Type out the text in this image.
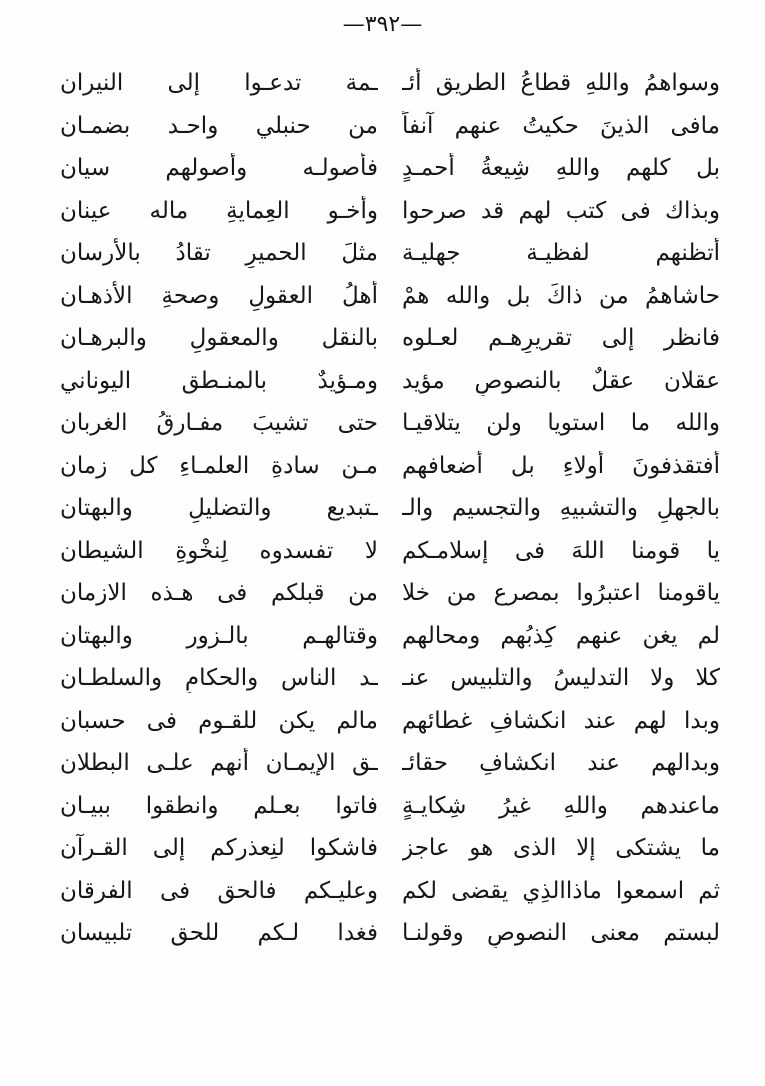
—٣٩٢—
وسواهمُ واللهِ قطاعُ الطريق أئـ
ـمة تدعـوا إلى النيران
مافى الذينَ حكيتُ عنهم آنفاً
من حنبلي واحـد بضمـان
بل كلهم واللهِ شِيعةُ أحمـدٍ
فأصولـه وأصولهم سيان
وبذاك فى كتب لهم قد صرحوا
وأخـو العِمايةِ ماله عينان
أتظنهم لفظيـة جهليـة
مثلَ الحميرِ تقادُ بالأرسان
حاشاهمُ من ذاكَ بل والله همْ
أهلُ العقولِ وصحةِ الأذهـان
فانظر إلى تقريرِهـم لعـلوه
بالنقل والمعقولِ والبرهـان
عقلان عقلٌ بالنصوصِ مؤيد
ومـؤيدٌ بالمنـطق اليوناني
والله ما استويا ولن يتلاقيـا
حتى تشيبَ مفـارقُ الغربان
أفتقذفونَ أولاءِ بل أضعافهم
مـن سادةِ العلمـاءِ كل زمان
بالجهلِ والتشبيهِ والتجسيم والـ
ـتبديع والتضليلِ والبهتان
يا قومنا اللهَ فى إسلامـكم
لا تفسدوه لِنخْوةِ الشيطان
ياقومنا اعتبرُوا بمصرع من خلا
من قبلكم فى هـذه الازمان
لم يغن عنهم كِذبُهم ومحالهم
وقتالهـم بالـزور والبهتان
كلا ولا التدليسُ والتلبيس عنـ
ـد الناس والحكامِ والسلطـان
وبدا لهم عند انكشافِ غطائهم
مالم يكن للقـوم فى حسبان
وبدالهم عند انكشافِ حقائـ
ـق الإيمـان أنهم علـى البطلان
ماعندهم واللهِ غيرُ شِكايـةٍ
فاتوا بعـلم وانطقوا ببيـان
ما يشتكى إلا الذى هو عاجز
فاشكوا لنِعذركم إلى القـرآن
ثم اسمعوا ماذاالذِي يقضى لكم
وعليـكم فالحق فى الفرقان
لبستم معنى النصوصِ وقولنـا
فغدا لـكم للحق تلبيسان
